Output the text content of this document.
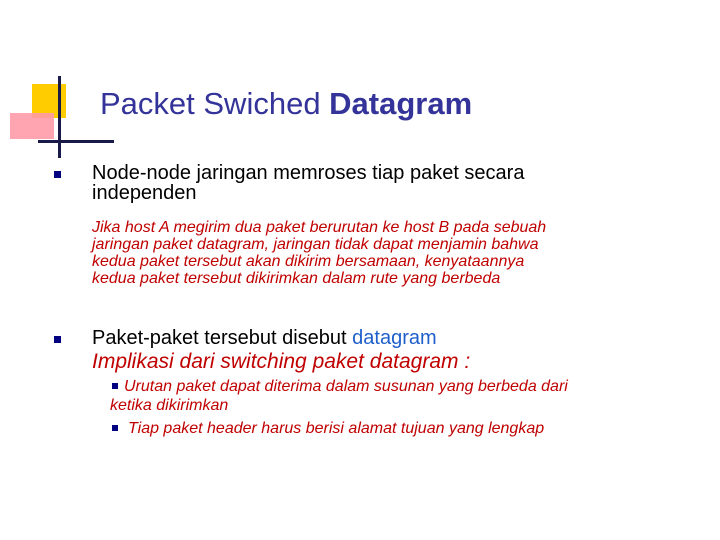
Packet Swiched Datagram
Node-node jaringan memroses tiap paket secara
independen
Jika host A megirim dua paket berurutan ke host B pada sebuah
jaringan paket datagram, jaringan tidak dapat menjamin bahwa
kedua paket tersebut akan dikirim bersamaan, kenyataannya
kedua paket tersebut dikirimkan dalam rute yang berbeda
Paket-paket tersebut disebut datagram
Implikasi dari switching paket datagram :
Urutan paket dapat diterima dalam susunan yang berbeda dari
ketika dikirimkan
Tiap paket header harus berisi alamat tujuan yang lengkap
